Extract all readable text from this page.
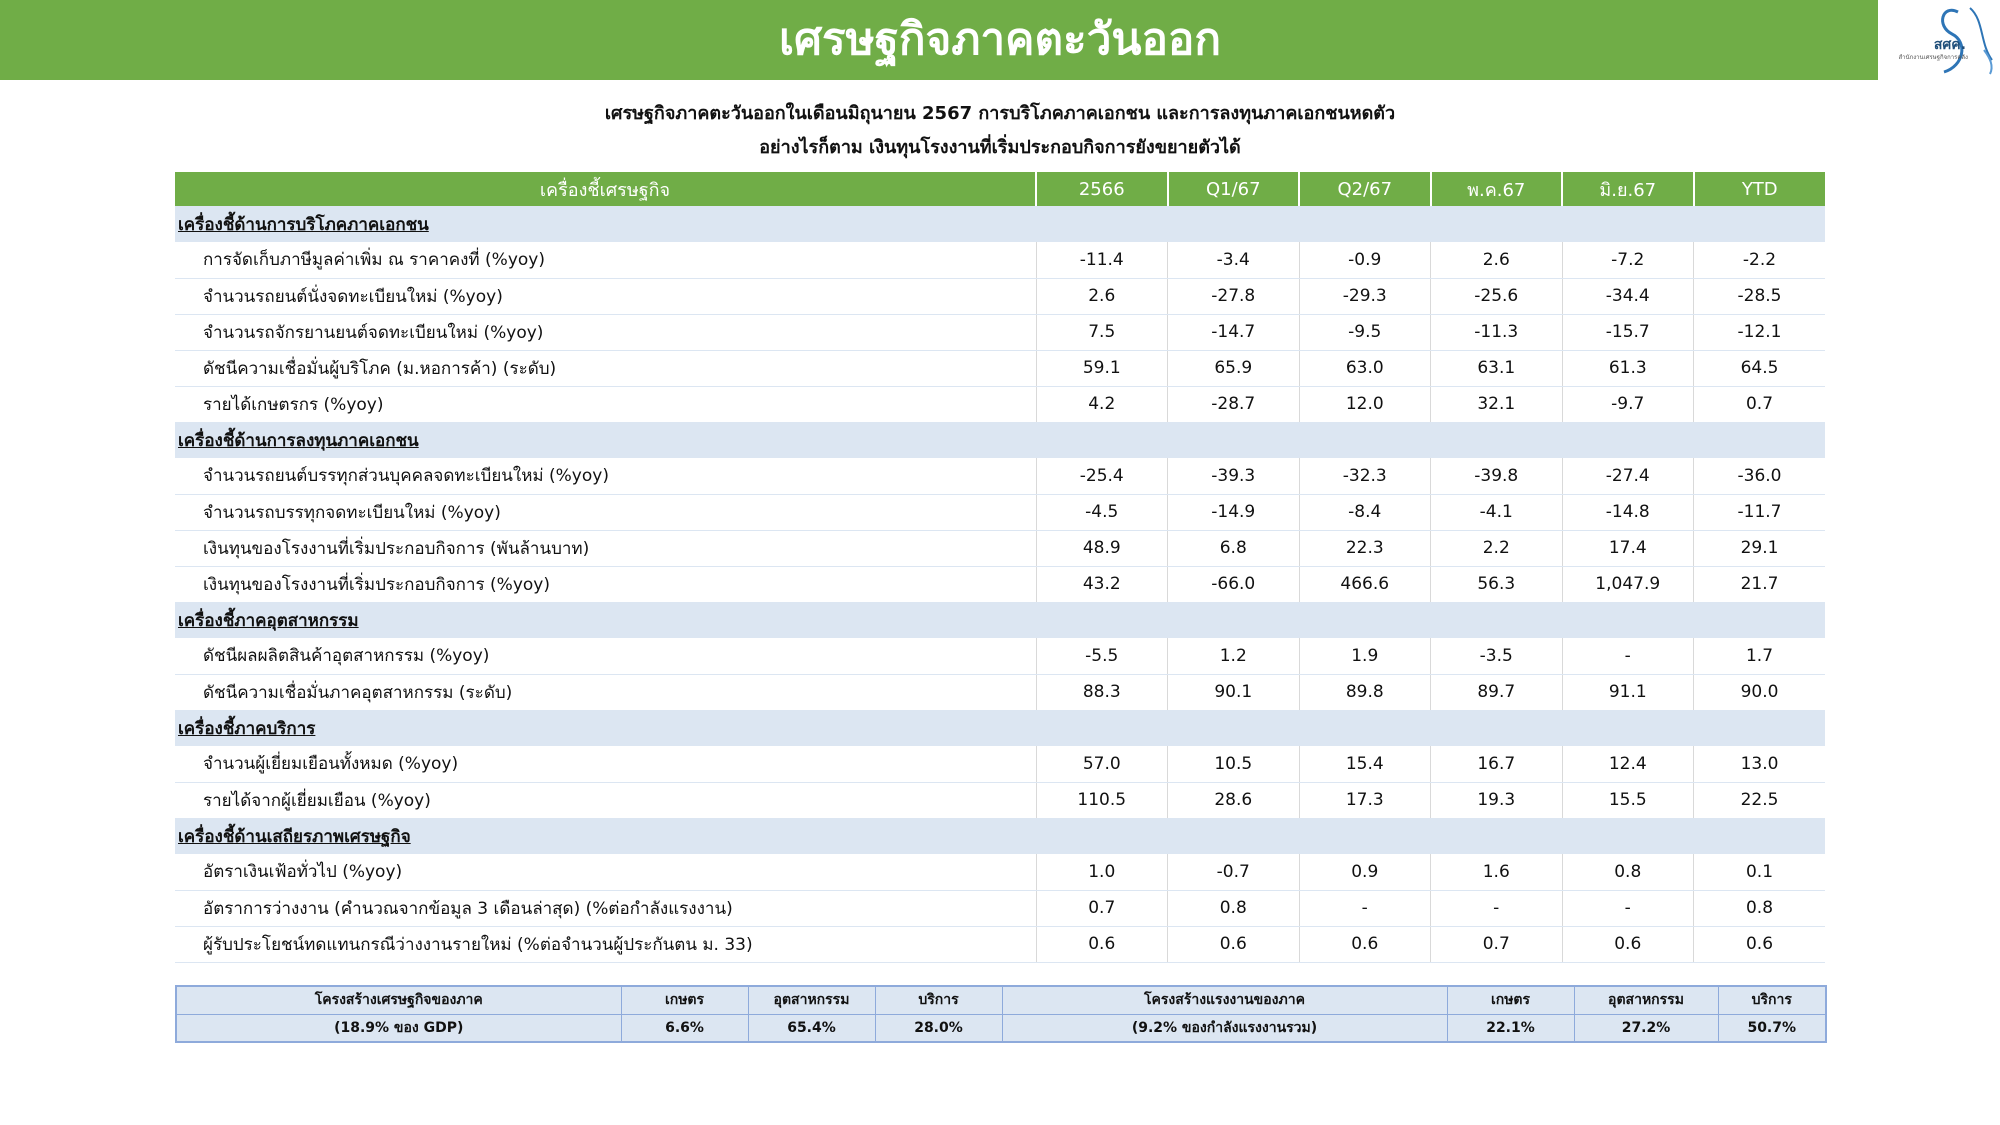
เศรษฐกิจภาคตะวันออก	สศค.
สำนักงานเศรษฐกิจการคลัง
เศรษฐกิจภาคตะวันออกในเดือนมิถุนายน 2567 การบริโภคภาคเอกชน และการลงทุนภาคเอกชนหดตัว
อย่างไรก็ตาม เงินทุนโรงงานที่เริ่มประกอบกิจการยังขยายตัวได้
เครื่องชี้เศรษฐกิจ	2566	Q1/67	Q2/67	พ.ค.67	มิ.ย.67	YTD
เครื่องชี้ด้านการบริโภคภาคเอกชน						
การจัดเก็บภาษีมูลค่าเพิ่ม ณ ราคาคงที่ (%yoy)	-11.4	-3.4	-0.9	2.6	-7.2	-2.2
จำนวนรถยนต์นั่งจดทะเบียนใหม่ (%yoy)	2.6	-27.8	-29.3	-25.6	-34.4	-28.5
จำนวนรถจักรยานยนต์จดทะเบียนใหม่ (%yoy)	7.5	-14.7	-9.5	-11.3	-15.7	-12.1
ดัชนีความเชื่อมั่นผู้บริโภค (ม.หอการค้า) (ระดับ)	59.1	65.9	63.0	63.1	61.3	64.5
รายได้เกษตรกร (%yoy)	4.2	-28.7	12.0	32.1	-9.7	0.7
เครื่องชี้ด้านการลงทุนภาคเอกชน						
จำนวนรถยนต์บรรทุกส่วนบุคคลจดทะเบียนใหม่ (%yoy)	-25.4	-39.3	-32.3	-39.8	-27.4	-36.0
จำนวนรถบรรทุกจดทะเบียนใหม่ (%yoy)	-4.5	-14.9	-8.4	-4.1	-14.8	-11.7
เงินทุนของโรงงานที่เริ่มประกอบกิจการ (พันล้านบาท)	48.9	6.8	22.3	2.2	17.4	29.1
เงินทุนของโรงงานที่เริ่มประกอบกิจการ (%yoy)	43.2	-66.0	466.6	56.3	1,047.9	21.7
เครื่องชี้ภาคอุตสาหกรรม						
ดัชนีผลผลิตสินค้าอุตสาหกรรม (%yoy)	-5.5	1.2	1.9	-3.5	-	1.7
ดัชนีความเชื่อมั่นภาคอุตสาหกรรม (ระดับ)	88.3	90.1	89.8	89.7	91.1	90.0
เครื่องชี้ภาคบริการ						
จำนวนผู้เยี่ยมเยือนทั้งหมด (%yoy)	57.0	10.5	15.4	16.7	12.4	13.0
รายได้จากผู้เยี่ยมเยือน (%yoy)	110.5	28.6	17.3	19.3	15.5	22.5
เครื่องชี้ด้านเสถียรภาพเศรษฐกิจ						
อัตราเงินเฟ้อทั่วไป (%yoy)	1.0	-0.7	0.9	1.6	0.8	0.1
อัตราการว่างงาน (คำนวณจากข้อมูล 3 เดือนล่าสุด) (%ต่อกำลังแรงงาน)	0.7	0.8	-	-	-	0.8
ผู้รับประโยชน์ทดแทนกรณีว่างงานรายใหม่ (%ต่อจำนวนผู้ประกันตน ม. 33)	0.6	0.6	0.6	0.7	0.6	0.6
โครงสร้างเศรษฐกิจของภาค	เกษตร	อุตสาหกรรม	บริการ	โครงสร้างแรงงานของภาค	เกษตร	อุตสาหกรรม	บริการ
(18.9% ของ GDP)	6.6%	65.4%	28.0%	(9.2% ของกำลังแรงงานรวม)	22.1%	27.2%	50.7%
